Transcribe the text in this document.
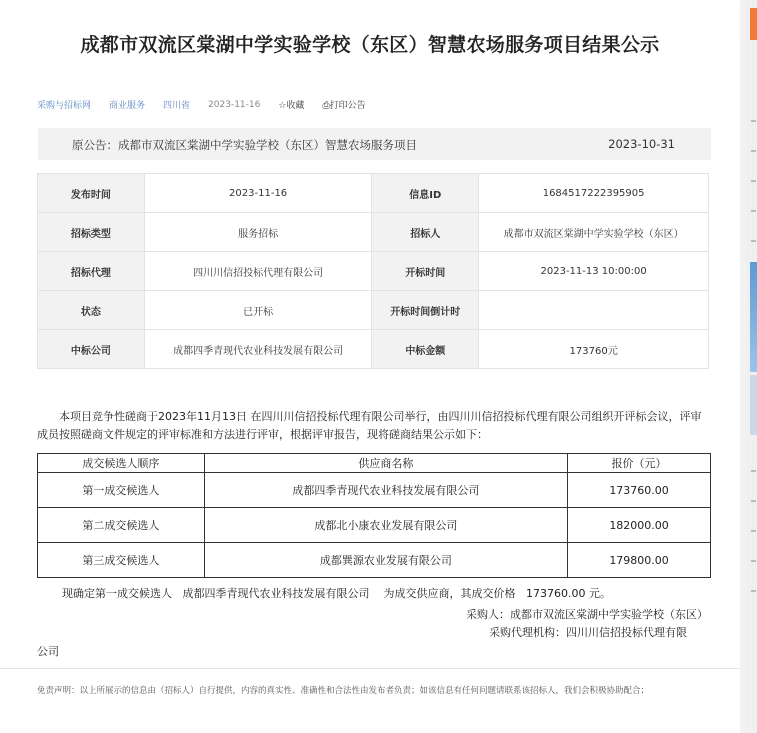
成都市双流区棠湖中学实验学校（东区）智慧农场服务项目结果公示
采购与招标网 商业服务 四川省 2023-11-16 ☆收藏 ⎙打印公告
原公告：成都市双流区棠湖中学实验学校（东区）智慧农场服务项目	2023-10-31
发布时间	2023-11-16	信息ID	1684517222395905
招标类型	服务招标	招标人	成都市双流区棠湖中学实验学校（东区）
招标代理	四川川信招投标代理有限公司	开标时间	2023-11-13 10:00:00
状态	已开标	开标时间倒计时	
中标公司	成都四季青现代农业科技发展有限公司	中标金额	173760元
本项目竞争性磋商于2023年11月13日 在四川川信招投标代理有限公司举行，由四川川信招投标代理有限公司组织开评标会议，评审成员按照磋商文件规定的评审标准和方法进行评审，根据评审报告，现将磋商结果公示如下：
成交候选人顺序	供应商名称	报价（元）
第一成交候选人	成都四季青现代农业科技发展有限公司	173760.00
第二成交候选人	成都北小康农业发展有限公司	182000.00
第三成交候选人	成都巽源农业发展有限公司	179800.00
现确定第一成交候选人   成都四季青现代农业科技发展有限公司    为成交供应商，其成交价格   173760.00 元。
采购人：成都市双流区棠湖中学实验学校（东区）
采购代理机构：四川川信招投标代理有限
公司
免责声明：以上所展示的信息由（招标人）自行提供，内容的真实性、准确性和合法性由发布者负责；如该信息有任何问题请联系该招标人，我们会积极协助配合；
